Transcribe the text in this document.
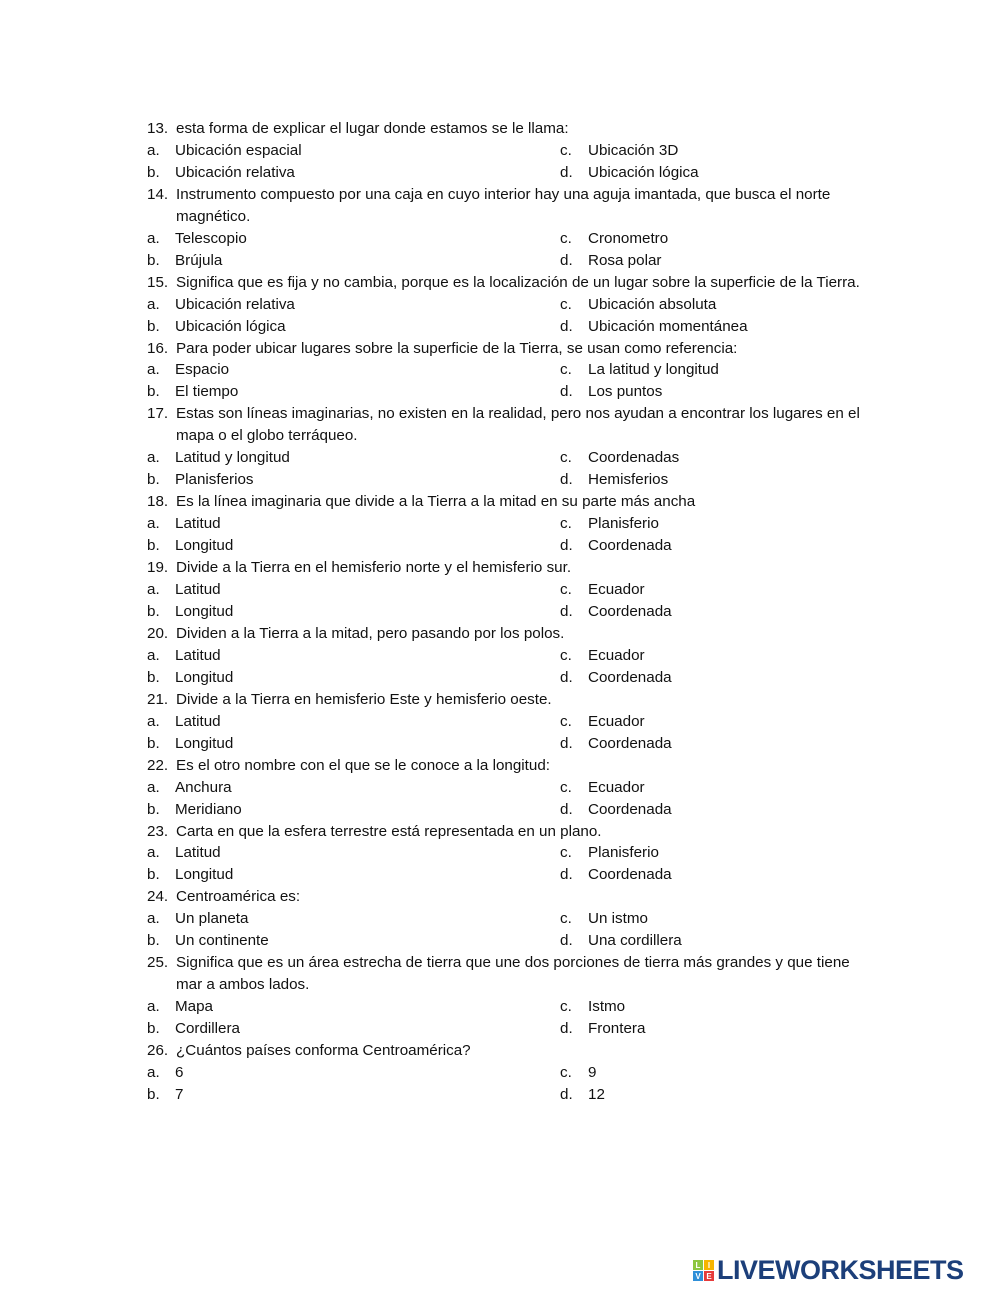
13. esta forma de explicar el lugar donde estamos se le llama:
a.	Ubicación espacial	c.	Ubicación 3D
b.	Ubicación relativa	d.	Ubicación lógica
14. Instrumento compuesto por una caja en cuyo interior hay una aguja imantada, que busca el norte magnético.
a.	Telescopio	c.	Cronometro
b.	Brújula	d.	Rosa polar
15. Significa que es fija y no cambia, porque es la localización de un lugar sobre la superficie de la Tierra.
a.	Ubicación relativa	c.	Ubicación absoluta
b.	Ubicación lógica	d.	Ubicación momentánea
16. Para poder ubicar lugares sobre la superficie de la Tierra, se usan como referencia:
a.	Espacio	c.	La latitud y longitud
b.	El tiempo	d.	Los puntos
17. Estas son líneas imaginarias, no existen en la realidad, pero nos ayudan a encontrar los lugares en el mapa o el globo terráqueo.
a.	Latitud y longitud	c.	Coordenadas
b.	Planisferios	d.	Hemisferios
18. Es la línea imaginaria que divide a la Tierra a la mitad en su parte más ancha
a.	Latitud	c.	Planisferio
b.	Longitud	d.	Coordenada
19. Divide a la Tierra en el hemisferio norte y el hemisferio sur.
a.	Latitud	c.	Ecuador
b.	Longitud	d.	Coordenada
20. Dividen a la Tierra a la mitad, pero pasando por los polos.
a.	Latitud	c.	Ecuador
b.	Longitud	d.	Coordenada
21. Divide a la Tierra en hemisferio Este y hemisferio oeste.
a.	Latitud	c.	Ecuador
b.	Longitud	d.	Coordenada
22. Es el otro nombre con el que se le conoce a la longitud:
a.	Anchura	c.	Ecuador
b.	Meridiano	d.	Coordenada
23. Carta en que la esfera terrestre está representada en un plano.
a.	Latitud	c.	Planisferio
b.	Longitud	d.	Coordenada
24. Centroamérica es:
a.	Un planeta	c.	Un istmo
b.	Un continente	d.	Una cordillera
25. Significa que es un área estrecha de tierra que une dos porciones de tierra más grandes y que tiene mar a ambos lados.
a.	Mapa	c.	Istmo
b.	Cordillera	d.	Frontera
26. ¿Cuántos países conforma Centroamérica?
a.	6	c.	9
b.	7	d.	12
L I
V E LIVEWORKSHEETS
